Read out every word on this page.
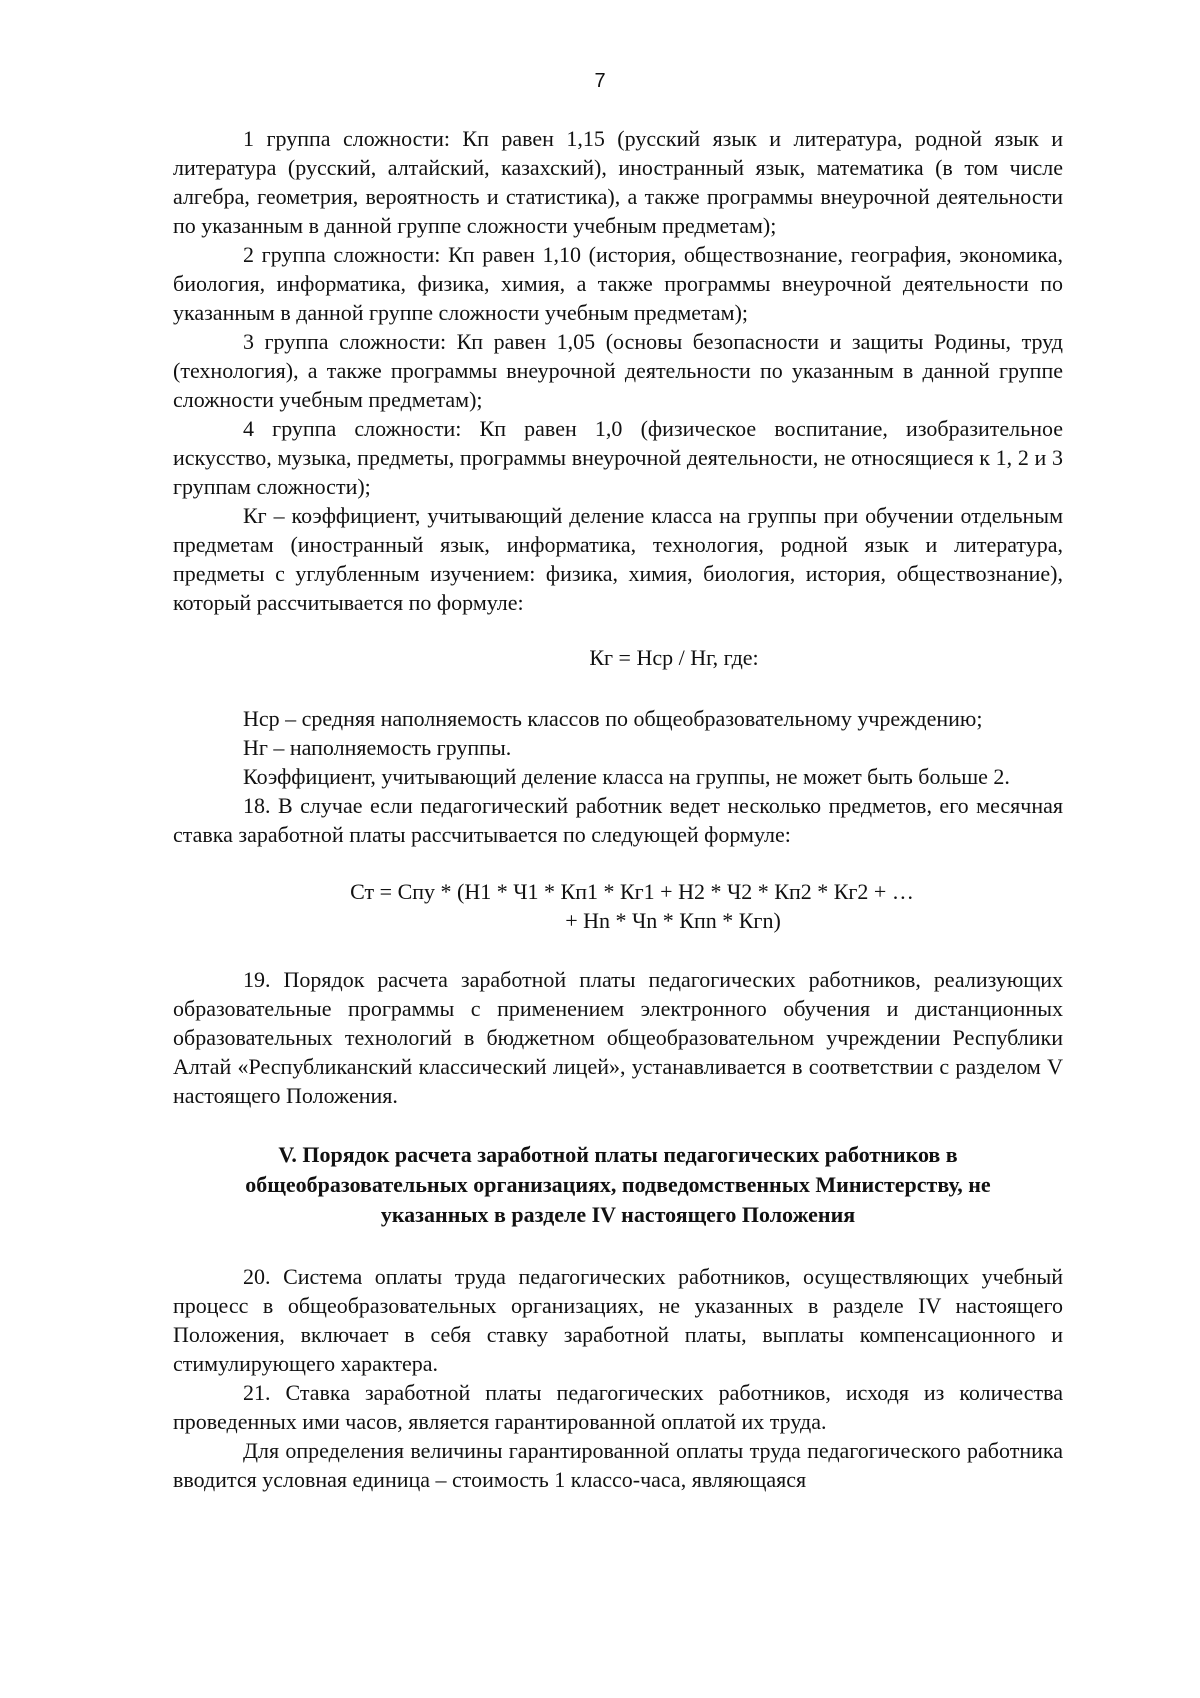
7

1 группа сложности: Кп равен 1,15 (русский язык и литература, родной язык и литература (русский, алтайский, казахский), иностранный язык, математика (в том числе алгебра, геометрия, вероятность и статистика), а также программы внеурочной деятельности по указанным в данной группе сложности учебным предметам);

2 группа сложности: Кп равен 1,10 (история, обществознание, география, экономика, биология, информатика, физика, химия, а также программы внеурочной деятельности по указанным в данной группе сложности учебным предметам);

3 группа сложности: Кп равен 1,05 (основы безопасности и защиты Родины, труд (технология), а также программы внеурочной деятельности по указанным в данной группе сложности учебным предметам);

4 группа сложности: Кп равен 1,0 (физическое воспитание, изобразительное искусство, музыка, предметы, программы внеурочной деятельности, не относящиеся к 1, 2 и 3 группам сложности);

Кг – коэффициент, учитывающий деление класса на группы при обучении отдельным предметам (иностранный язык, информатика, технология, родной язык и литература, предметы с углубленным изучением: физика, химия, биология, история, обществознание), который рассчитывается по формуле:

Кг = Нср / Нг, где:

Нср – средняя наполняемость классов по общеобразовательному учреждению;

Нг – наполняемость группы.

Коэффициент, учитывающий деление класса на группы, не может быть больше 2.

18. В случае если педагогический работник ведет несколько предметов, его месячная ставка заработной платы рассчитывается по следующей формуле:

Ст = Спу * (Н1 * Ч1 * Кп1 * Кг1 + Н2 * Ч2 * Кп2 * Кг2 + …
+ Нn * Чn * Кпn * Кгn)

19. Порядок расчета заработной платы педагогических работников, реализующих образовательные программы с применением электронного обучения и дистанционных образовательных технологий в бюджетном общеобразовательном учреждении Республики Алтай «Республиканский классический лицей», устанавливается в соответствии с разделом V настоящего Положения.

V. Порядок расчета заработной платы педагогических работников в общеобразовательных организациях, подведомственных Министерству, не указанных в разделе IV настоящего Положения

20. Система оплаты труда педагогических работников, осуществляющих учебный процесс в общеобразовательных организациях, не указанных в разделе IV настоящего Положения, включает в себя ставку заработной платы, выплаты компенсационного и стимулирующего характера.

21. Ставка заработной платы педагогических работников, исходя из количества проведенных ими часов, является гарантированной оплатой их труда.

Для определения величины гарантированной оплаты труда педагогического работника вводится условная единица – стоимость 1 классо-часа, являющаяся
